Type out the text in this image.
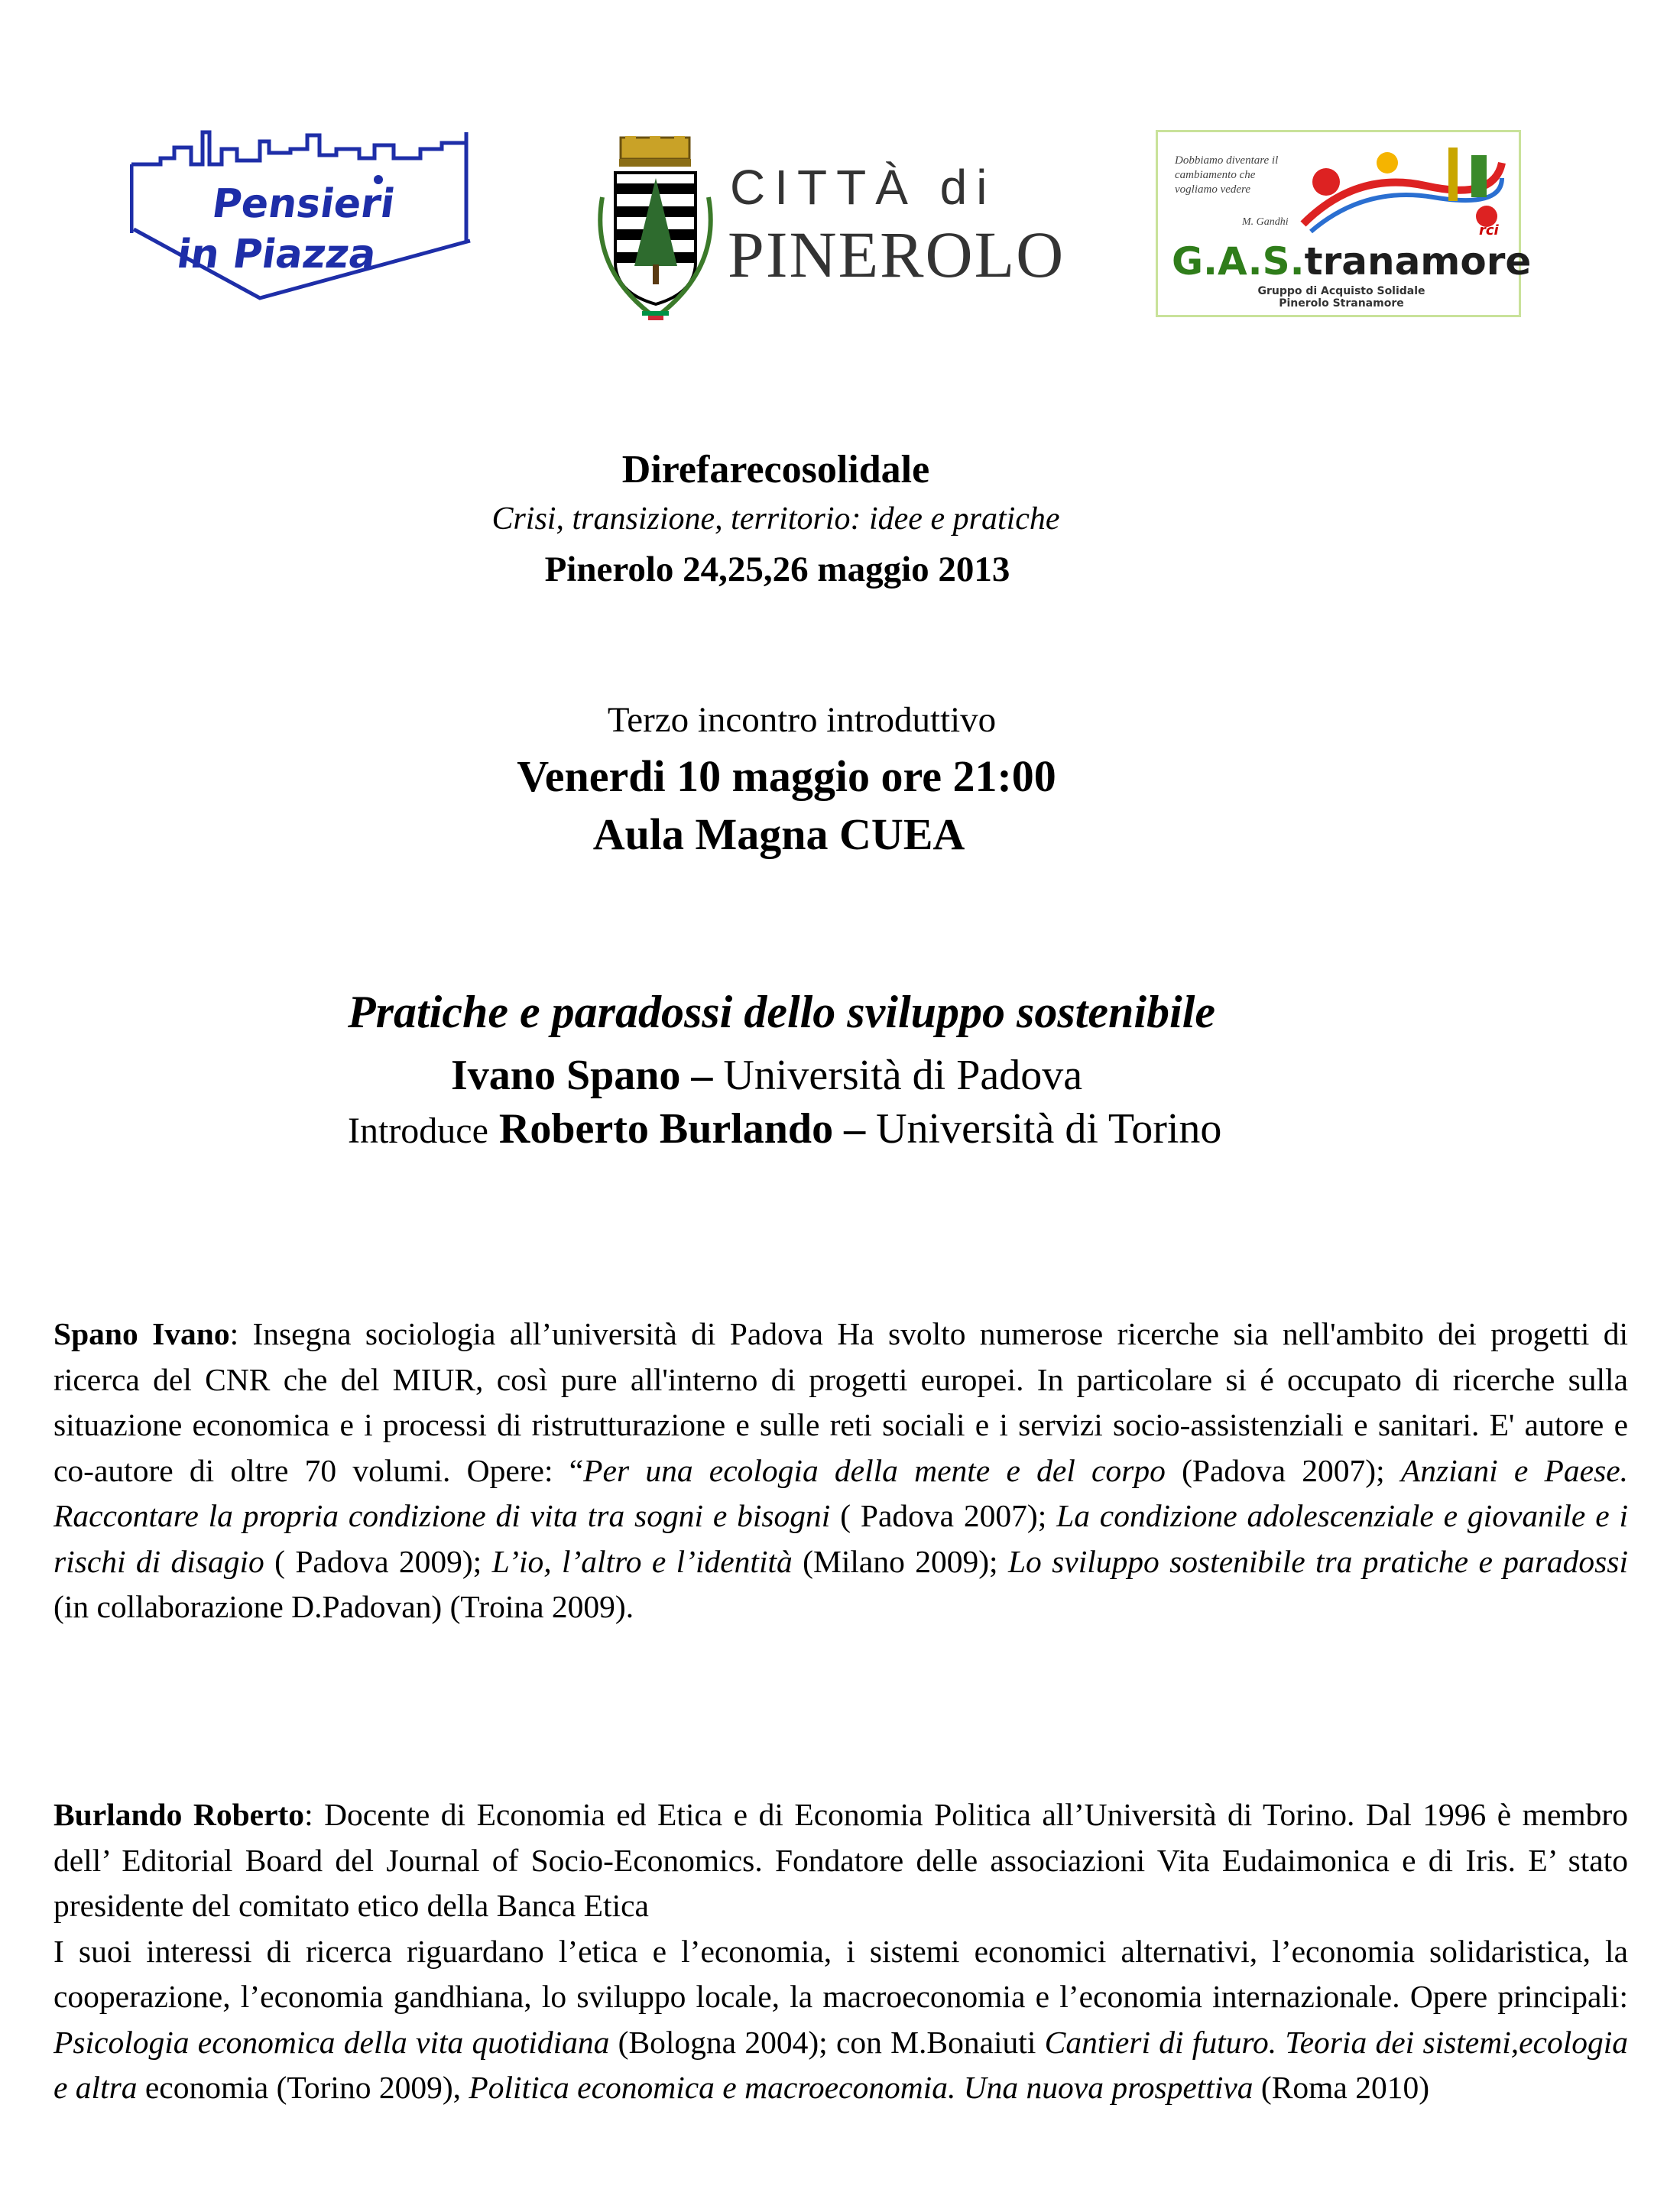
Pensieri
in Piazza
CITTÀ di
PINEROLO
Dobbiamo diventare il cambiamento che vogliamo vedere
M. Gandhi
G.A.S.tranamore
rci
Gruppo di Acquisto Solidale
Pinerolo Stranamore
Direfarecosolidale
Crisi, transizione, territorio: idee e pratiche
Pinerolo 24,25,26 maggio 2013
Terzo incontro introduttivo
Venerdi 10 maggio ore 21:00
Aula Magna CUEA
Pratiche e paradossi dello sviluppo sostenibile
Ivano Spano – Università di Padova
Introduce Roberto Burlando – Università di Torino

Spano Ivano: Insegna sociologia all’università di Padova Ha svolto numerose ricerche sia nell'ambito dei progetti di ricerca del CNR che del MIUR, così pure all'interno di progetti europei. In particolare si é occupato di ricerche sulla situazione economica e i processi di ristrutturazione e sulle reti sociali e i servizi socio-assistenziali e sanitari. E' autore e co-autore di oltre 70 volumi. Opere: “Per una ecologia della mente e del corpo (Padova 2007); Anziani e Paese. Raccontare la propria condizione di vita tra sogni e bisogni ( Padova 2007); La condizione adolescenziale e giovanile e i rischi di disagio ( Padova 2009); L’io, l’altro e l’identità (Milano 2009); Lo sviluppo sostenibile tra pratiche e paradossi (in collaborazione D.Padovan) (Troina 2009).

Burlando Roberto: Docente di Economia ed Etica e di Economia Politica all’Università di Torino. Dal 1996 è membro dell’ Editorial Board del Journal of Socio-Economics. Fondatore delle associazioni Vita Eudaimonica e di Iris. E’ stato presidente del comitato etico della Banca Etica

I suoi interessi di ricerca riguardano l’etica e l’economia, i sistemi economici alternativi, l’economia solidaristica, la cooperazione, l’economia gandhiana, lo sviluppo locale, la macroeconomia e l’economia internazionale. Opere principali: Psicologia economica della vita quotidiana (Bologna 2004); con M.Bonaiuti Cantieri di futuro. Teoria dei sistemi,ecologia e altra economia (Torino 2009), Politica economica e macroeconomia. Una nuova prospettiva (Roma 2010)
